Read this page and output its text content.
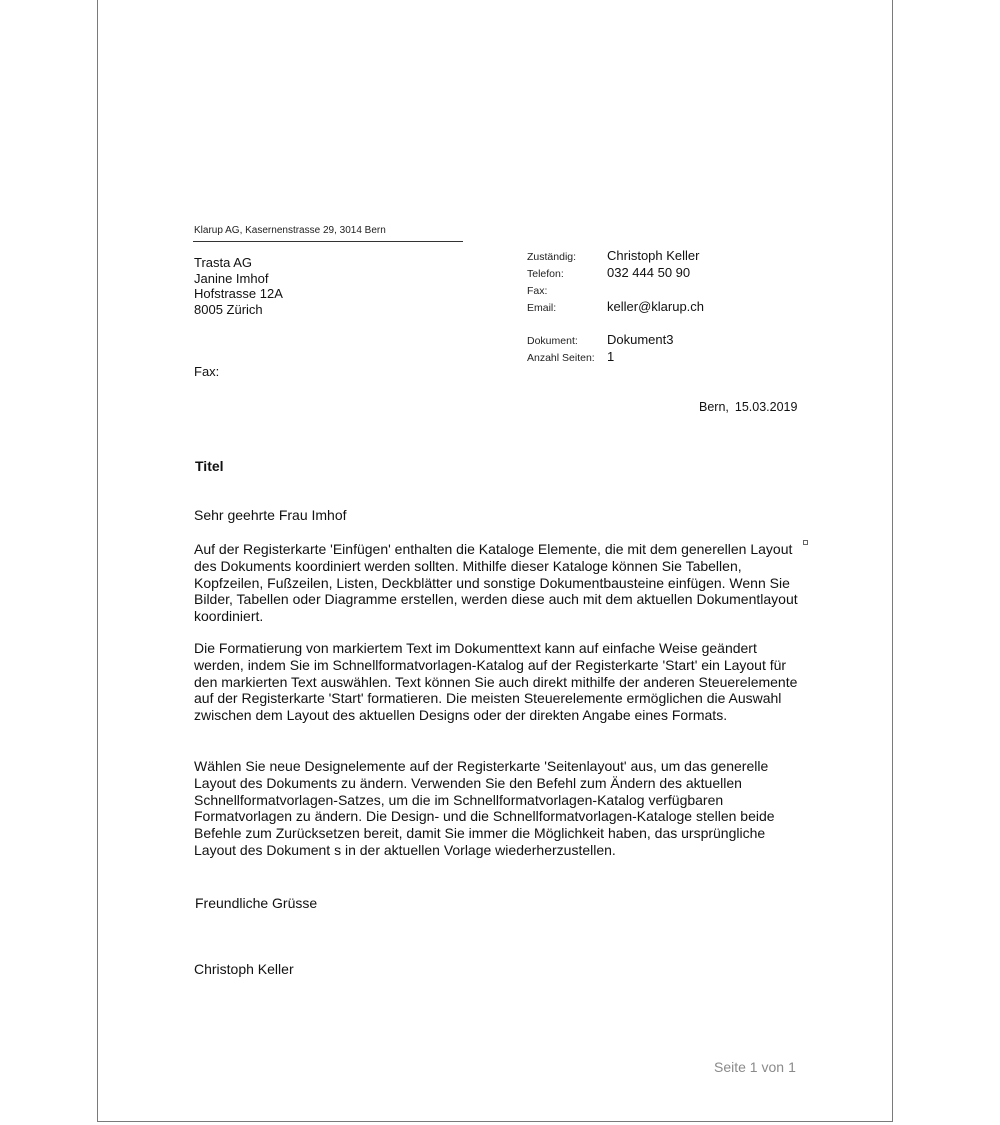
Klarup AG, Kasernenstrasse 29, 3014 Bern
Trasta AG
Janine Imhof
Hofstrasse 12A
8005 Zürich
Fax:
Zuständig: Christoph Keller
Telefon:	032 444 50 90
Fax:
Email:	keller@klarup.ch
Dokument: Dokument3
Anzahl Seiten: 1
Bern, 15.03.2019
Titel
Sehr geehrte Frau Imhof
Auf der Registerkarte 'Einfügen' enthalten die Kataloge Elemente, die mit dem generellen Layout des Dokuments koordiniert werden sollten. Mithilfe dieser Kataloge können Sie Tabellen, Kopfzeilen, Fußzeilen, Listen, Deckblätter und sonstige Dokumentbausteine einfügen. Wenn Sie Bilder, Tabellen oder Diagramme erstellen, werden diese auch mit dem aktuellen Dokumentlayout koordiniert.
Die Formatierung von markiertem Text im Dokumenttext kann auf einfache Weise geändert werden, indem Sie im Schnellformatvorlagen-Katalog auf der Registerkarte 'Start' ein Layout für den markierten Text auswählen. Text können Sie auch direkt mithilfe der anderen Steuerelemente auf der Registerkarte 'Start' formatieren. Die meisten Steuerelemente ermöglichen die Auswahl zwischen dem Layout des aktuellen Designs oder der direkten Angabe eines Formats.
Wählen Sie neue Designelemente auf der Registerkarte 'Seitenlayout' aus, um das generelle Layout des Dokuments zu ändern. Verwenden Sie den Befehl zum Ändern des aktuellen Schnellformatvorlagen-Satzes, um die im Schnellformatvorlagen-Katalog verfügbaren Formatvorlagen zu ändern. Die Design- und die Schnellformatvorlagen-Kataloge stellen beide Befehle zum Zurücksetzen bereit, damit Sie immer die Möglichkeit haben, das ursprüngliche Layout des Dokument s in der aktuellen Vorlage wiederherzustellen.
Freundliche Grüsse
Christoph Keller
Seite 1 von 1
